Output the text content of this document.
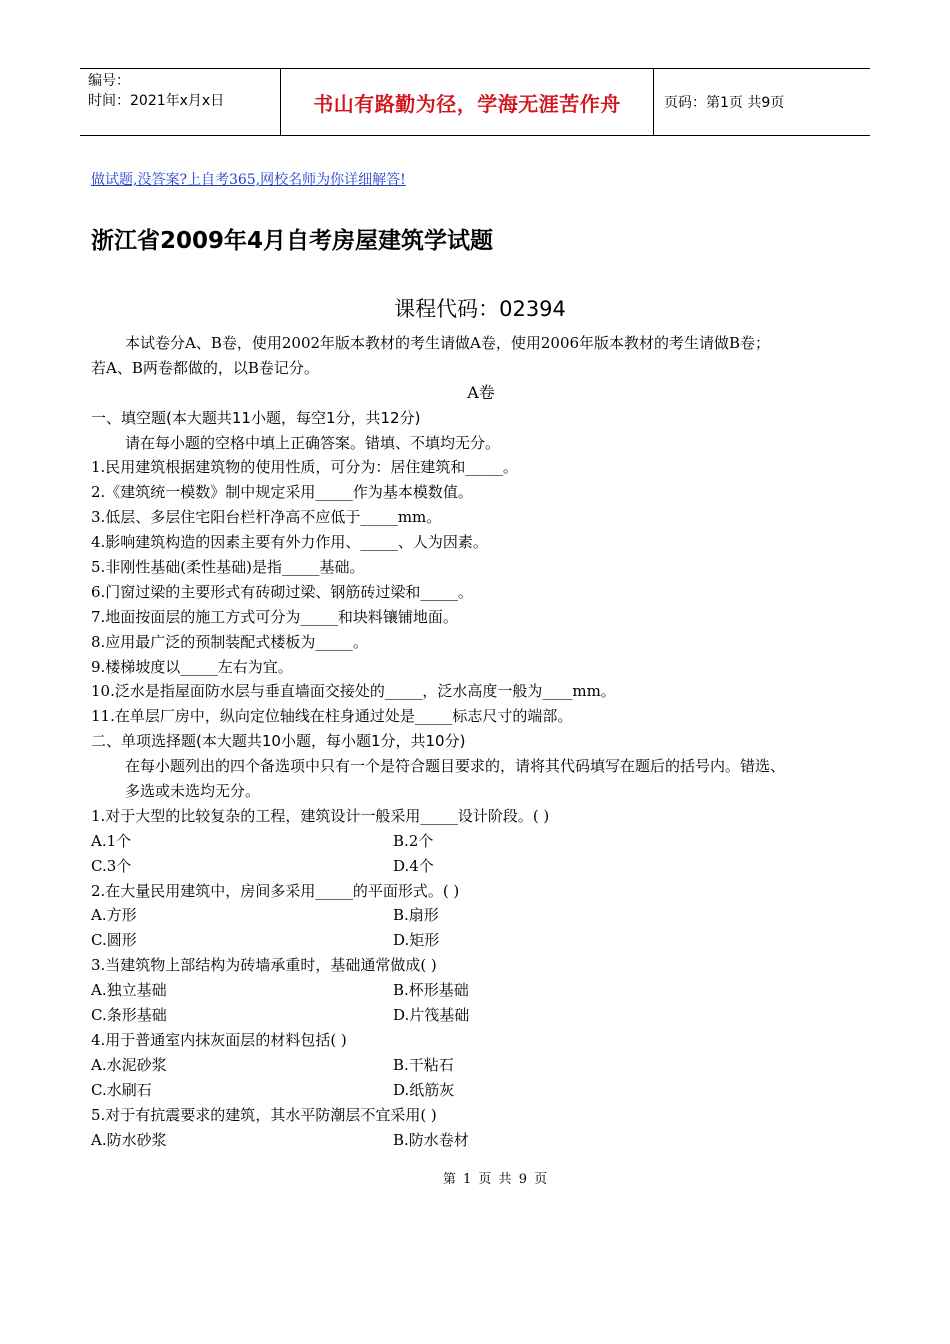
编号：
时间：2021年x月x日	书山有路勤为径，学海无涯苦作舟	页码：第1页 共9页
做试题,没答案?上自考365,网校名师为你详细解答!
浙江省2009年4月自考房屋建筑学试题
课程代码：02394
本试卷分A、B卷，使用2002年版本教材的考生请做A卷，使用2006年版本教材的考生请做B卷；
若A、B两卷都做的，以B卷记分。
A卷
一、填空题(本大题共11小题，每空1分，共12分)
请在每小题的空格中填上正确答案。错填、不填均无分。
1.民用建筑根据建筑物的使用性质，可分为：居住建筑和_____。
2.《建筑统一模数》制中规定采用_____作为基本模数值。
3.低层、多层住宅阳台栏杆净高不应低于_____mm。
4.影响建筑构造的因素主要有外力作用、_____、人为因素。
5.非刚性基础(柔性基础)是指_____基础。
6.门窗过梁的主要形式有砖砌过梁、钢筋砖过梁和_____。
7.地面按面层的施工方式可分为_____和块料镶铺地面。
8.应用最广泛的预制装配式楼板为_____。
9.楼梯坡度以_____左右为宜。
10.泛水是指屋面防水层与垂直墙面交接处的_____，泛水高度一般为____mm。
11.在单层厂房中，纵向定位轴线在柱身通过处是_____标志尺寸的端部。
二、单项选择题(本大题共10小题，每小题1分，共10分)
在每小题列出的四个备选项中只有一个是符合题目要求的，请将其代码填写在题后的括号内。错选、
多选或未选均无分。
1.对于大型的比较复杂的工程，建筑设计一般采用_____设计阶段。( )
A.1个	B.2个
C.3个	D.4个
2.在大量民用建筑中，房间多采用_____的平面形式。( )
A.方形	B.扇形
C.圆形	D.矩形
3.当建筑物上部结构为砖墙承重时，基础通常做成( )
A.独立基础	B.杯形基础
C.条形基础	D.片筏基础
4.用于普通室内抹灰面层的材料包括( )
A.水泥砂浆	B.干粘石
C.水刷石	D.纸筋灰
5.对于有抗震要求的建筑，其水平防潮层不宜采用( )
A.防水砂浆	B.防水卷材
第 1 页 共 9 页
